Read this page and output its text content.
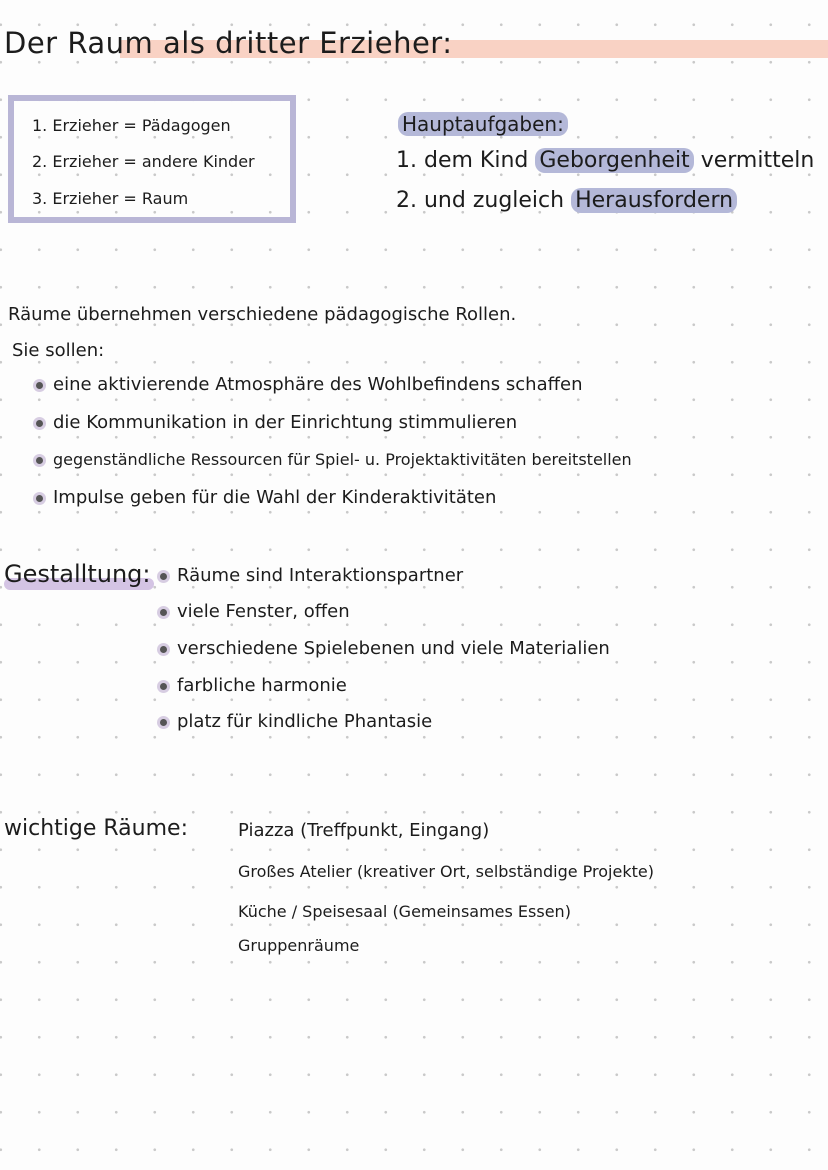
Der Raum als dritter Erzieher:
1. Erzieher = Pädagogen
2. Erzieher = andere Kinder
3. Erzieher = Raum
Hauptaufgaben:
1. dem Kind Geborgenheit vermitteln
2. und zugleich Herausfordern
Räume übernehmen verschiedene pädagogische Rollen.
Sie sollen:
eine aktivierende Atmosphäre des Wohlbefindens schaffen
die Kommunikation in der Einrichtung stimmulieren
gegenständliche Ressourcen für Spiel- u. Projektaktivitäten bereitstellen
Impulse geben für die Wahl der Kinderaktivitäten
Gestalltung:	Räume sind Interaktionspartner
viele Fenster, offen
verschiedene Spielebenen und viele Materialien
farbliche harmonie
platz für kindliche Phantasie
wichtige Räume:	Piazza (Treffpunkt, Eingang)
Großes Atelier (kreativer Ort, selbständige Projekte)
Küche / Speisesaal (Gemeinsames Essen)
Gruppenräume
